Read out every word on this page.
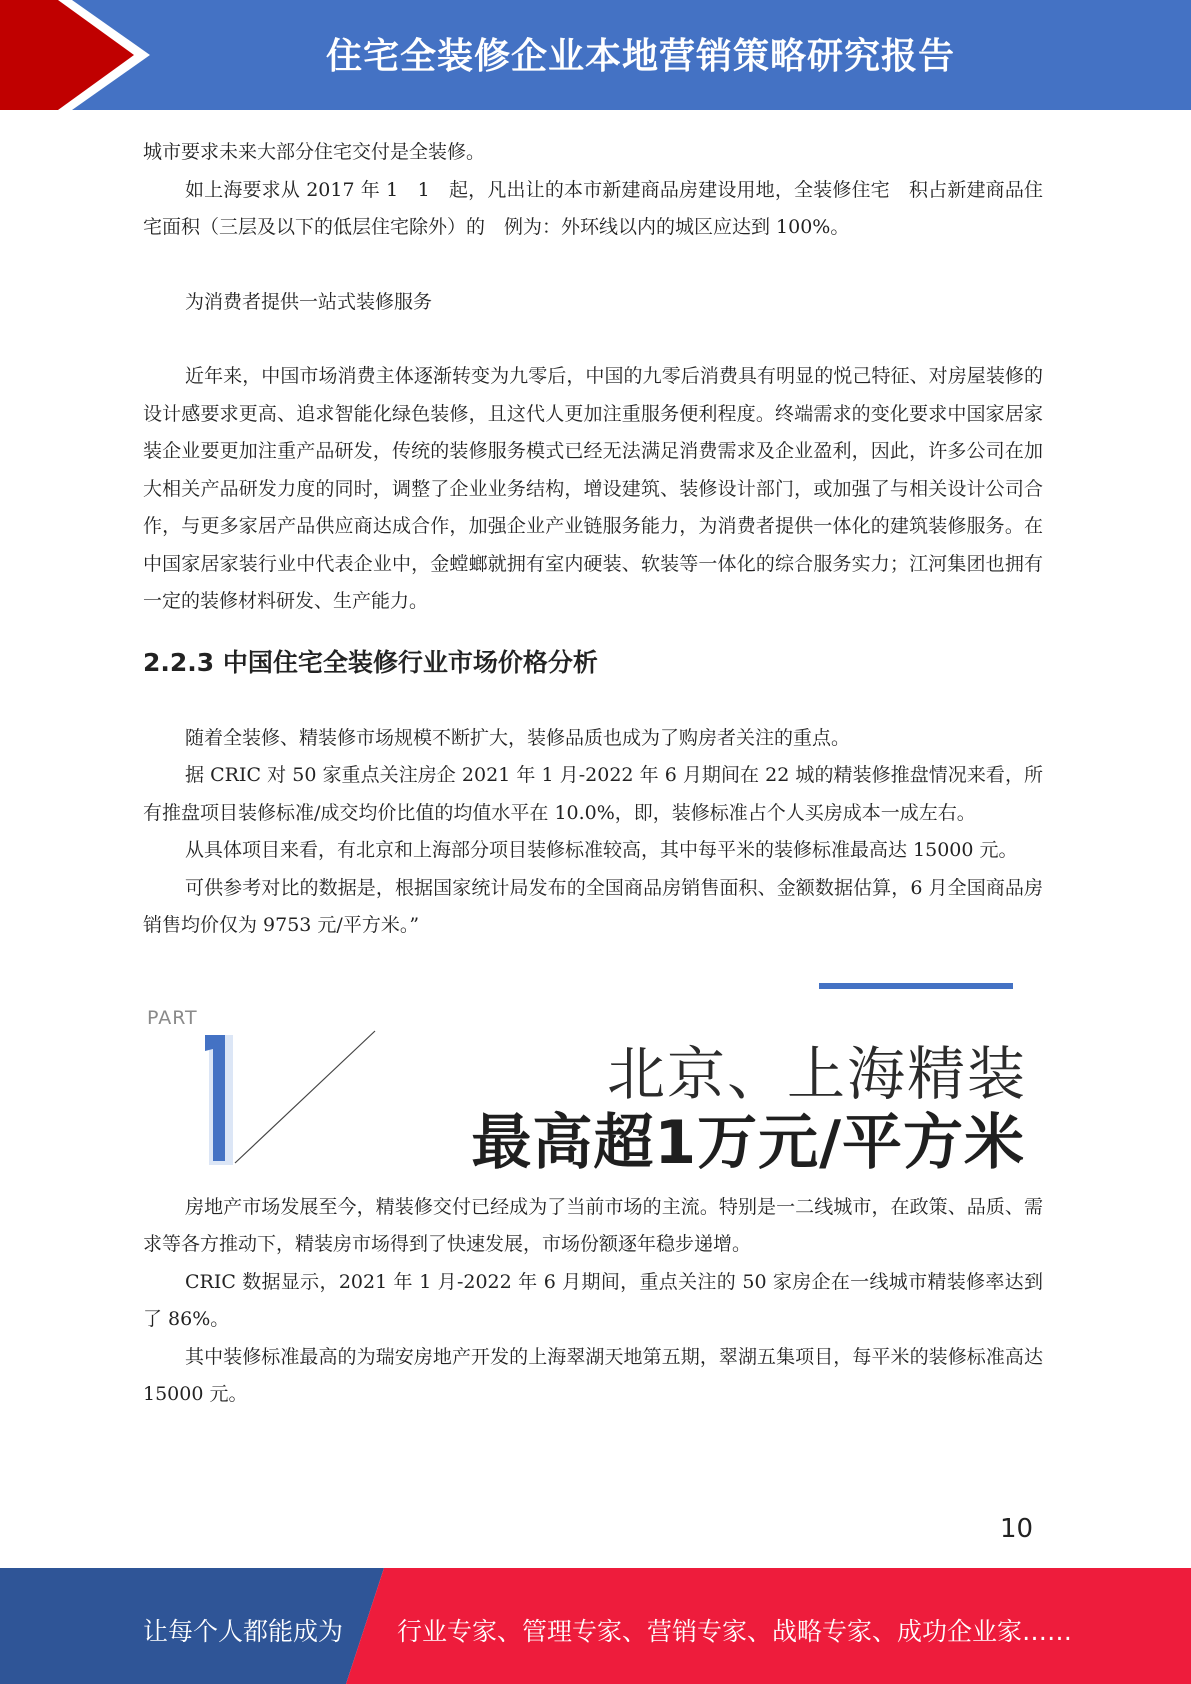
住宅全装修企业本地营销策略研究报告

城市要求未来大部分住宅交付是全装修。

如上海要求从 2017 年 1　1　起，凡出让的本市新建商品房建设用地，全装修住宅　积占新建商品住宅面积（三层及以下的低层住宅除外）的　例为：外环线以内的城区应达到 100%。

为消费者提供一站式装修服务

近年来，中国市场消费主体逐渐转变为九零后，中国的九零后消费具有明显的悦己特征、对房屋装修的设计感要求更高、追求智能化绿色装修，且这代人更加注重服务便利程度。终端需求的变化要求中国家居家装企业要更加注重产品研发，传统的装修服务模式已经无法满足消费需求及企业盈利，因此，许多公司在加大相关产品研发力度的同时，调整了企业业务结构，增设建筑、装修设计部门，或加强了与相关设计公司合作，与更多家居产品供应商达成合作，加强企业产业链服务能力，为消费者提供一体化的建筑装修服务。在中国家居家装行业中代表企业中，金螳螂就拥有室内硬装、软装等一体化的综合服务实力；江河集团也拥有一定的装修材料研发、生产能力。

2.2.3 中国住宅全装修行业市场价格分析

随着全装修、精装修市场规模不断扩大，装修品质也成为了购房者关注的重点。

据 CRIC 对 50 家重点关注房企 2021 年 1 月-2022 年 6 月期间在 22 城的精装修推盘情况来看，所有推盘项目装修标准/成交均价比值的均值水平在 10.0%，即，装修标准占个人买房成本一成左右。

从具体项目来看，有北京和上海部分项目装修标准较高，其中每平米的装修标准最高达 15000 元。

可供参考对比的数据是，根据国家统计局发布的全国商品房销售面积、金额数据估算，6 月全国商品房销售均价仅为 9753 元/平方米。”

PART
北京、上海精装
最高超1万元/平方米

房地产市场发展至今，精装修交付已经成为了当前市场的主流。特别是一二线城市，在政策、品质、需求等各方推动下，精装房市场得到了快速发展，市场份额逐年稳步递增。

CRIC 数据显示，2021 年 1 月-2022 年 6 月期间，重点关注的 50 家房企在一线城市精装修率达到了 86%。

其中装修标准最高的为瑞安房地产开发的上海翠湖天地第五期，翠湖五集项目，每平米的装修标准高达 15000 元。

10
让每个人都能成为 行业专家、管理专家、营销专家、战略专家、成功企业家……
